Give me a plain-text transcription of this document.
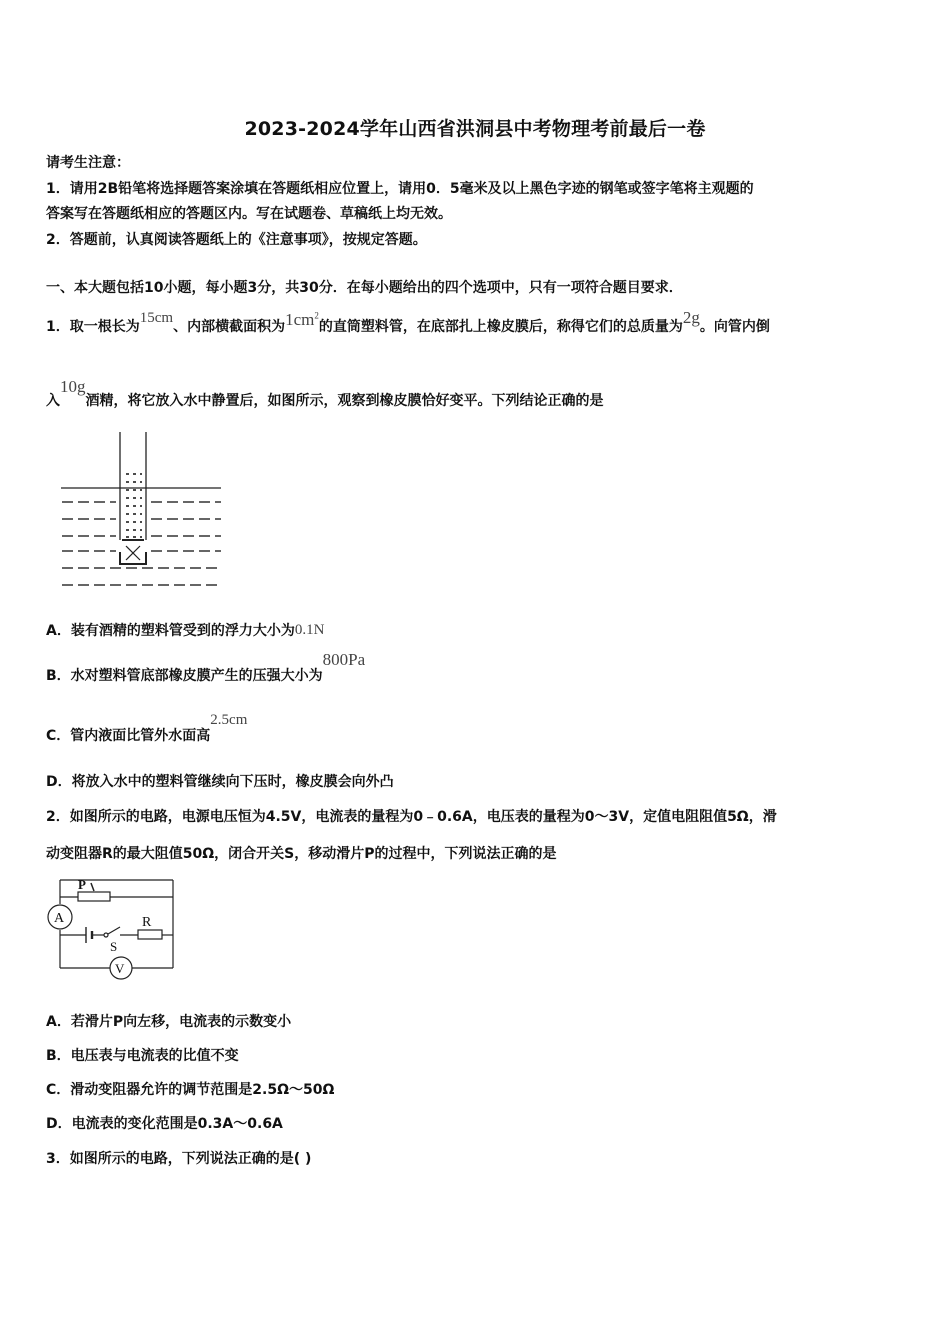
2023-2024学年山西省洪洞县中考物理考前最后一卷
请考生注意：
1．请用2B铅笔将选择题答案涂填在答题纸相应位置上，请用0．5毫米及以上黑色字迹的钢笔或签字笔将主观题的
答案写在答题纸相应的答题区内。写在试题卷、草稿纸上均无效。
2．答题前，认真阅读答题纸上的《注意事项》，按规定答题。
一、本大题包括10小题，每小题3分，共30分．在每小题给出的四个选项中，只有一项符合题目要求．
1．取一根长为15cm、内部横截面积为$1cm^2$的直筒塑料管，在底部扎上橡皮膜后，称得它们的总质量为2g。向管内倒
入10g酒精，将它放入水中静置后，如图所示，观察到橡皮膜恰好变平。下列结论正确的是
A．装有酒精的塑料管受到的浮力大小为0.1N
B．水对塑料管底部橡皮膜产生的压强大小为800Pa
C．管内液面比管外水面高2.5cm
D．将放入水中的塑料管继续向下压时，橡皮膜会向外凸
2．如图所示的电路，电源电压恒为4.5V，电流表的量程为0﹣0.6A，电压表的量程为0～3V，定值电阻阻值5Ω，滑
动变阻器R的最大阻值50Ω，闭合开关S，移动滑片P的过程中，下列说法正确的是
P
A	R
S
V
A．若滑片P向左移，电流表的示数变小
B．电压表与电流表的比值不变
C．滑动变阻器允许的调节范围是2.5Ω～50Ω
D．电流表的变化范围是0.3A～0.6A
3．如图所示的电路，下列说法正确的是( )
